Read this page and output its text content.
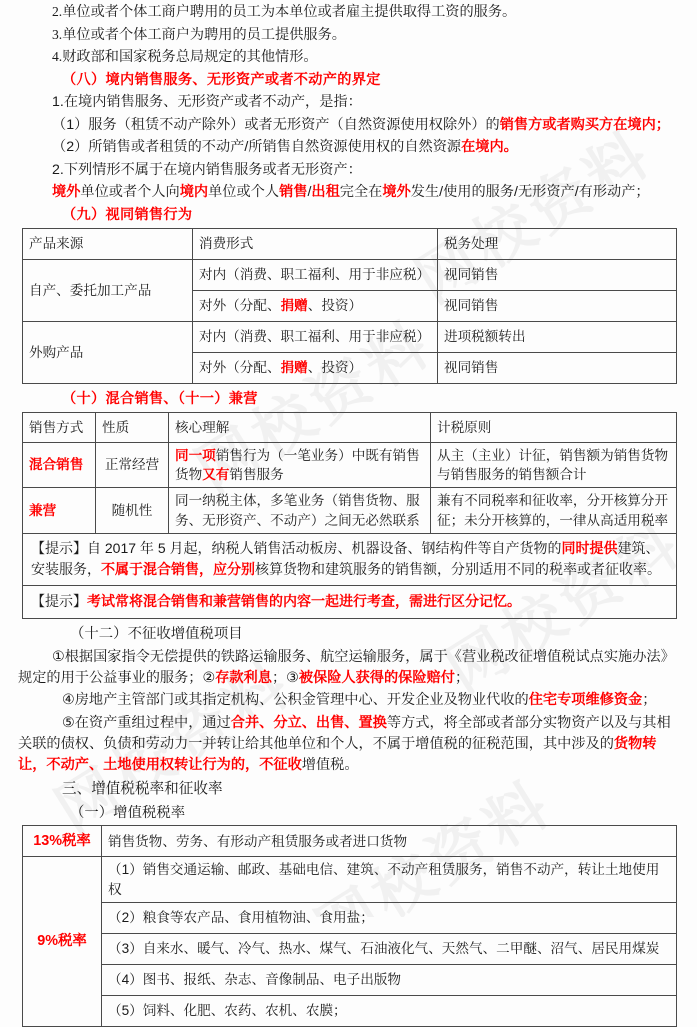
2.单位或者个体工商户聘用的员工为本单位或者雇主提供取得工资的服务。

3.单位或者个体工商户为聘用的员工提供服务。

4.财政部和国家税务总局规定的其他情形。

（八）境内销售服务、无形资产或者不动产的界定

1.在境内销售服务、无形资产或者不动产，是指：

（1）服务（租赁不动产除外）或者无形资产（自然资源使用权除外）的销售方或者购买方在境内；

（2）所销售或者租赁的不动产/所销售自然资源使用权的自然资源在境内。

2.下列情形不属于在境内销售服务或者无形资产：

境外单位或者个人向境内单位或个人销售/出租完全在境外发生/使用的服务/无形资产/有形动产；

（九）视同销售行为

产品来源	消费形式	税务处理
自产、委托加工产品	对内（消费、职工福利、用于非应税）	视同销售
	对外（分配、捐赠、投资）	视同销售
外购产品	对内（消费、职工福利、用于非应税）	进项税额转出
	对外（分配、捐赠、投资）	视同销售

（十）混合销售、（十一）兼营

销售方式	性质	核心理解	计税原则
混合销售	正常经营	同一项销售行为（一笔业务）中既有销售货物又有销售服务	从主（主业）计征，销售额为销售货物与销售服务的销售额合计
兼营	随机性	同一纳税主体，多笔业务（销售货物、服务、无形资产、不动产）之间无必然联系	兼有不同税率和征收率，分开核算分开征；未分开核算的，一律从高适用税率
【提示】自 2017 年 5 月起，纳税人销售活动板房、机器设备、钢结构件等自产货物的同时提供建筑、安装服务，不属于混合销售，应分别核算货物和建筑服务的销售额，分别适用不同的税率或者征收率。			
【提示】考试常将混合销售和兼营销售的内容一起进行考查，需进行区分记忆。			

（十二）不征收增值税项目

①根据国家指令无偿提供的铁路运输服务、航空运输服务，属于《营业税改征增值税试点实施办法》规定的用于公益事业的服务；②存款利息；③被保险人获得的保险赔付；

④房地产主管部门或其指定机构、公积金管理中心、开发企业及物业代收的住宅专项维修资金；

⑤在资产重组过程中，通过合并、分立、出售、置换等方式，将全部或者部分实物资产以及与其相关联的债权、负债和劳动力一并转让给其他单位和个人，不属于增值税的征税范围，其中涉及的货物转让，不动产、土地使用权转让行为的，不征收增值税。

三、增值税税率和征收率

（一）增值税税率

13%税率	销售货物、劳务、有形动产租赁服务或者进口货物
9%税率	（1）销售交通运输、邮政、基础电信、建筑、不动产租赁服务，销售不动产，转让土地使用权
	（2）粮食等农产品、食用植物油、食用盐；
	（3）自来水、暖气、冷气、热水、煤气、石油液化气、天然气、二甲醚、沼气、居民用煤炭
	（4）图书、报纸、杂志、音像制品、电子出版物
	（5）饲料、化肥、农药、农机、农膜；
